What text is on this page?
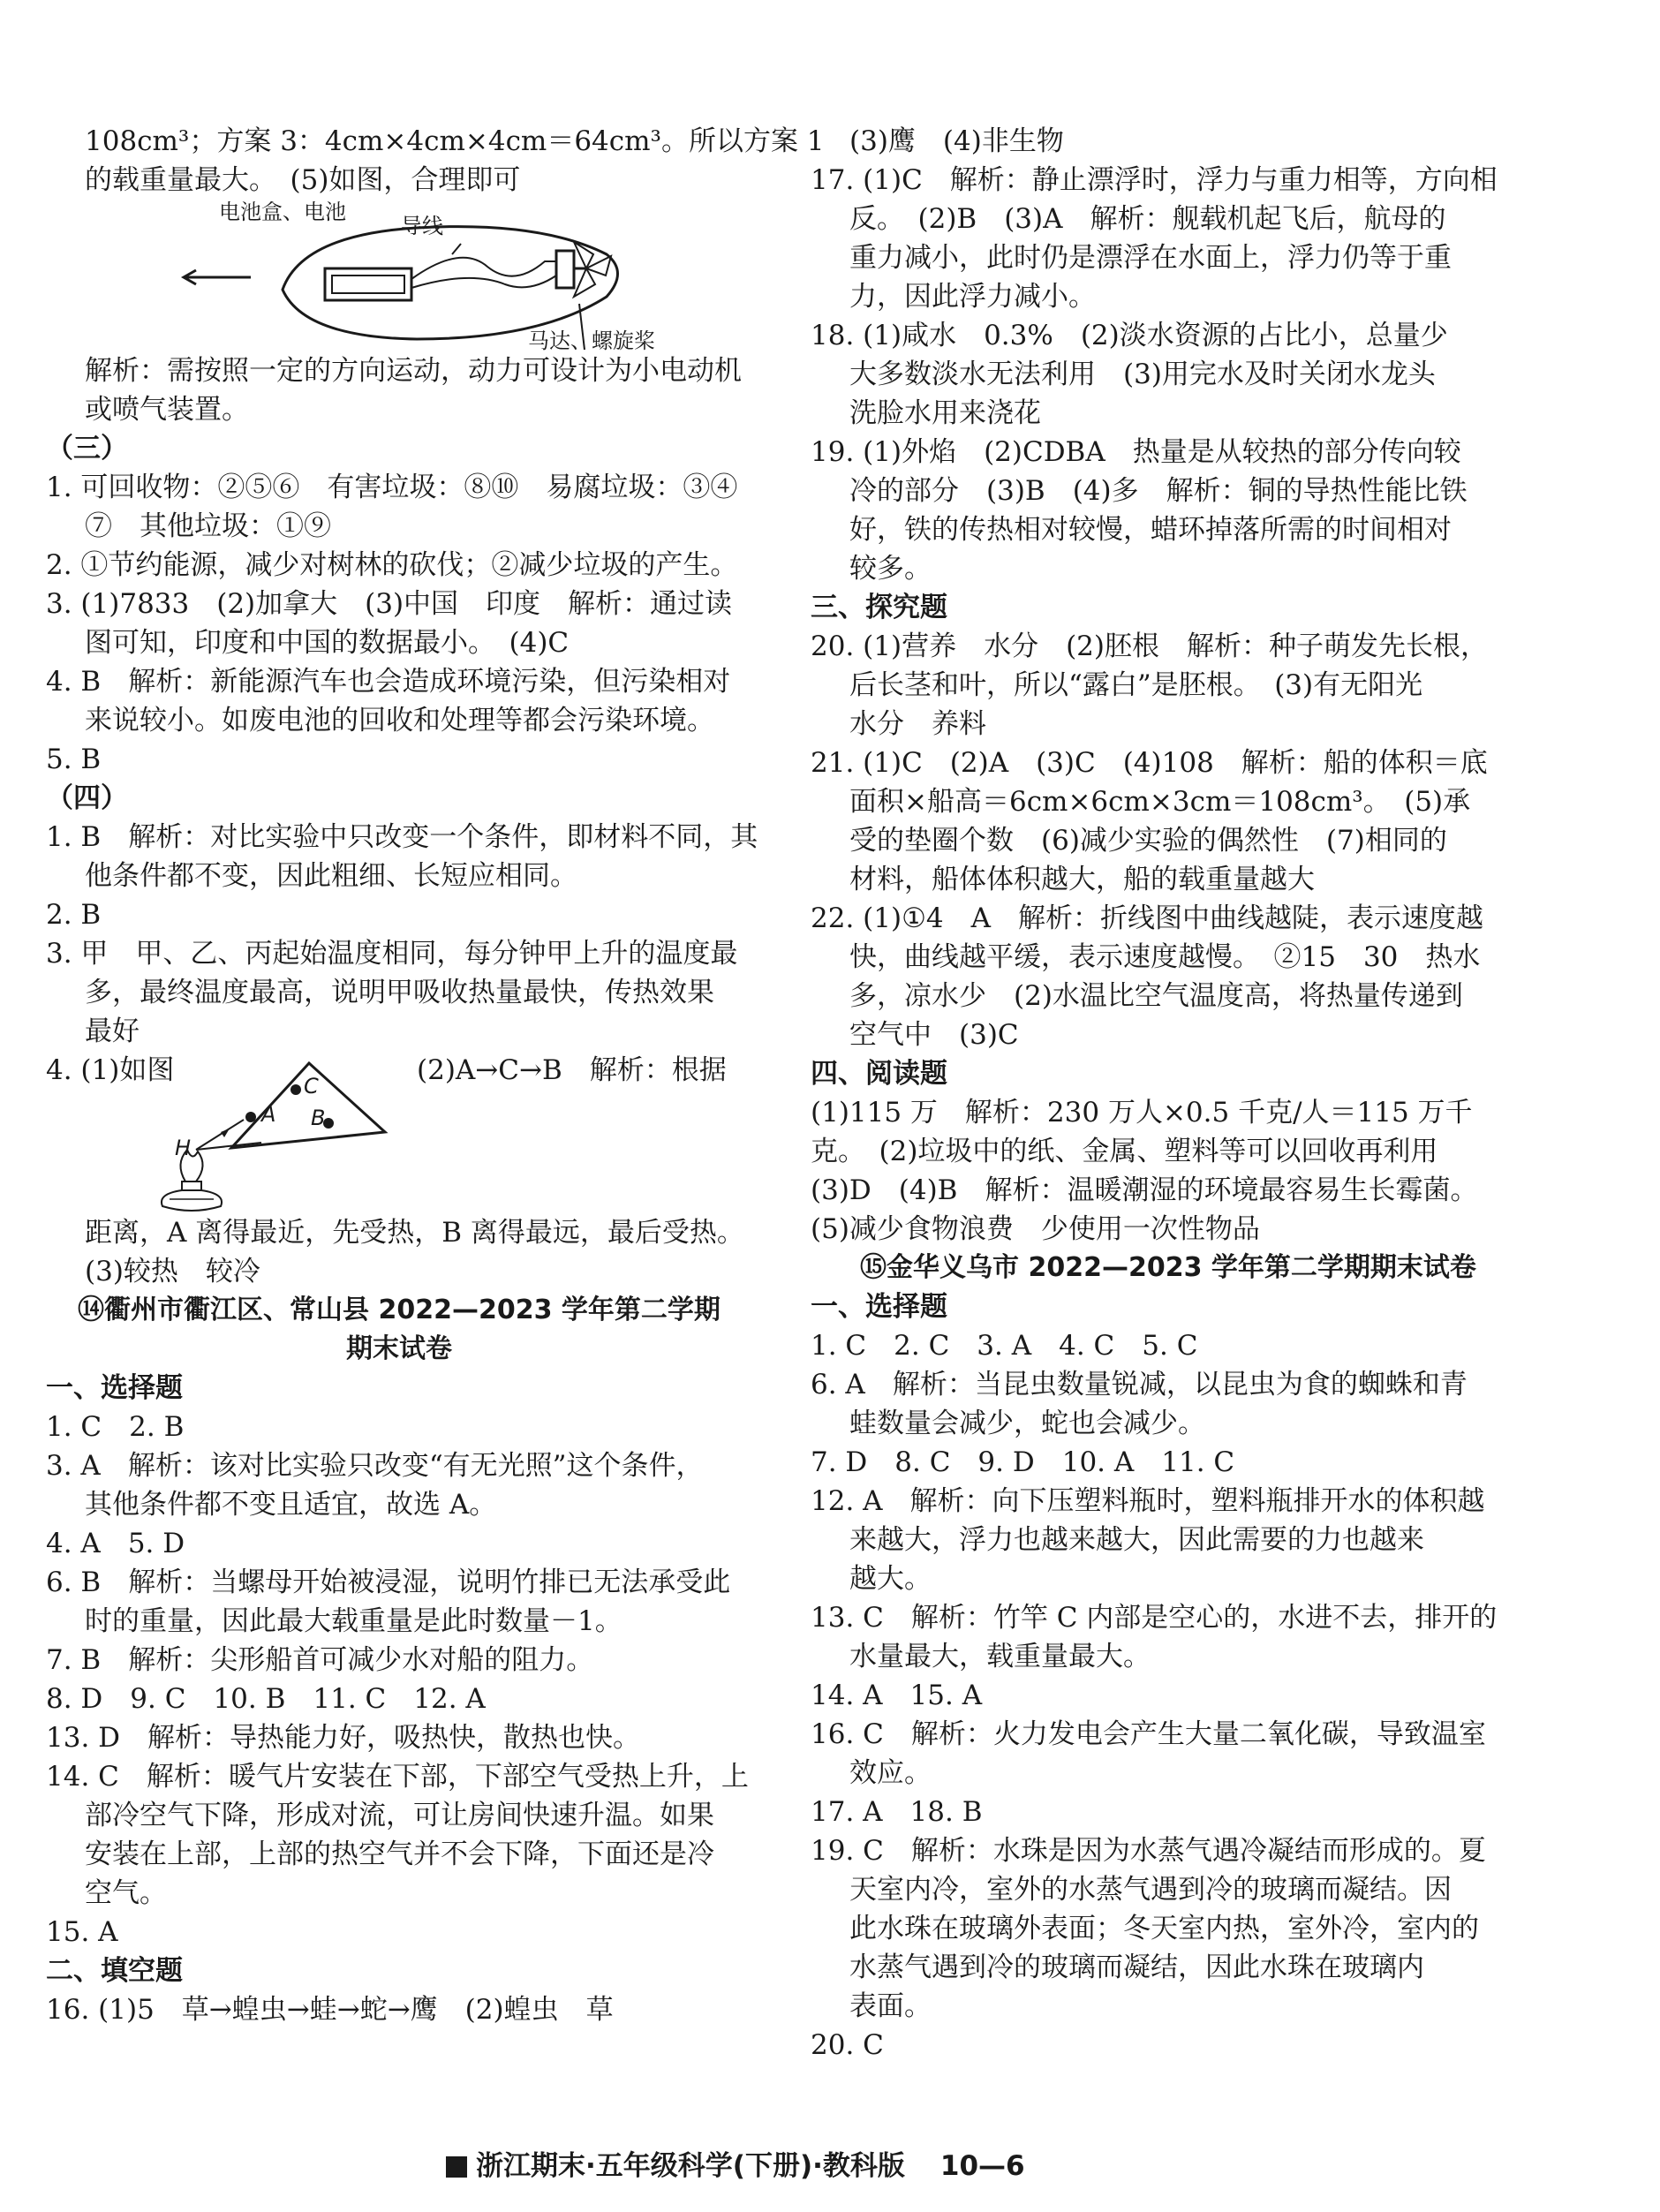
108cm³；方案 3：4cm×4cm×4cm＝64cm³。所以方案 1
的载重量最大。　(5)如图，合理即可
电池盒、电池
导线
马达、螺旋桨
解析：需按照一定的方向运动，动力可设计为小电动机
或喷气装置。
（三）
1. 可回收物：②⑤⑥　有害垃圾：⑧⑩　易腐垃圾：③④
⑦　其他垃圾：①⑨
2. ①节约能源，减少对树林的砍伐；②减少垃圾的产生。
3. (1)7833　(2)加拿大　(3)中国　印度　解析：通过读
图可知，印度和中国的数据最小。　(4)C
4. B　解析：新能源汽车也会造成环境污染，但污染相对
来说较小。如废电池的回收和处理等都会污染环境。
5. B
（四）
1. B　解析：对比实验中只改变一个条件，即材料不同，其
他条件都不变，因此粗细、长短应相同。
2. B
3. 甲　甲、乙、丙起始温度相同，每分钟甲上升的温度最
多，最终温度最高，说明甲吸收热量最快，传热效果
最好
4. (1)如图	(2)A→C→B　解析：根据
C
A B
H
距离，A 离得最近，先受热，B 离得最远，最后受热。
(3)较热　较冷
⑭衢州市衢江区、常山县 2022—2023 学年第二学期
期末试卷
一、选择题
1. C　2. B
3. A　解析：该对比实验只改变“有无光照”这个条件，
其他条件都不变且适宜，故选 A。
4. A　5. D
6. B　解析：当螺母开始被浸湿，说明竹排已无法承受此
时的重量，因此最大载重量是此时数量－1。
7. B　解析：尖形船首可减少水对船的阻力。
8. D　9. C　10. B　11. C　12. A
13. D　解析：导热能力好，吸热快，散热也快。
14. C　解析：暖气片安装在下部，下部空气受热上升，上
部冷空气下降，形成对流，可让房间快速升温。如果
安装在上部，上部的热空气并不会下降，下面还是冷
空气。
15. A
二、填空题
16. (1)5　草→蝗虫→蛙→蛇→鹰　(2)蝗虫　草
(3)鹰　(4)非生物
17. (1)C　解析：静止漂浮时，浮力与重力相等，方向相
反。　(2)B　(3)A　解析：舰载机起飞后，航母的
重力减小，此时仍是漂浮在水面上，浮力仍等于重
力，因此浮力减小。
18. (1)咸水　0.3%　(2)淡水资源的占比小，总量少
大多数淡水无法利用　(3)用完水及时关闭水龙头
洗脸水用来浇花
19. (1)外焰　(2)CDBA　热量是从较热的部分传向较
冷的部分　(3)B　(4)多　解析：铜的导热性能比铁
好，铁的传热相对较慢，蜡环掉落所需的时间相对
较多。
三、探究题
20. (1)营养　水分　(2)胚根　解析：种子萌发先长根，
后长茎和叶，所以“露白”是胚根。　(3)有无阳光
水分　养料
21. (1)C　(2)A　(3)C　(4)108　解析：船的体积＝底
面积×船高＝6cm×6cm×3cm＝108cm³。　(5)承
受的垫圈个数　(6)减少实验的偶然性　(7)相同的
材料，船体体积越大，船的载重量越大
22. (1)①4　A　解析：折线图中曲线越陡，表示速度越
快，曲线越平缓，表示速度越慢。　②15　30　热水
多，凉水少　(2)水温比空气温度高，将热量传递到
空气中　(3)C
四、阅读题
(1)115 万　解析：230 万人×0.5 千克/人＝115 万千
克。　(2)垃圾中的纸、金属、塑料等可以回收再利用
(3)D　(4)B　解析：温暖潮湿的环境最容易生长霉菌。
(5)减少食物浪费　少使用一次性物品
⑮金华义乌市 2022—2023 学年第二学期期末试卷
一、选择题
1. C　2. C　3. A　4. C　5. C
6. A　解析：当昆虫数量锐减，以昆虫为食的蜘蛛和青
蛙数量会减少，蛇也会减少。
7. D　8. C　9. D　10. A　11. C
12. A　解析：向下压塑料瓶时，塑料瓶排开水的体积越
来越大，浮力也越来越大，因此需要的力也越来
越大。
13. C　解析：竹竿 C 内部是空心的，水进不去，排开的
水量最大，载重量最大。
14. A　15. A
16. C　解析：火力发电会产生大量二氧化碳，导致温室
效应。
17. A　18. B
19. C　解析：水珠是因为水蒸气遇冷凝结而形成的。夏
天室内冷，室外的水蒸气遇到冷的玻璃而凝结。因
此水珠在玻璃外表面；冬天室内热，室外冷，室内的
水蒸气遇到冷的玻璃而凝结，因此水珠在玻璃内
表面。
20. C
浙江期末·五年级科学(下册)·教科版 10—6
